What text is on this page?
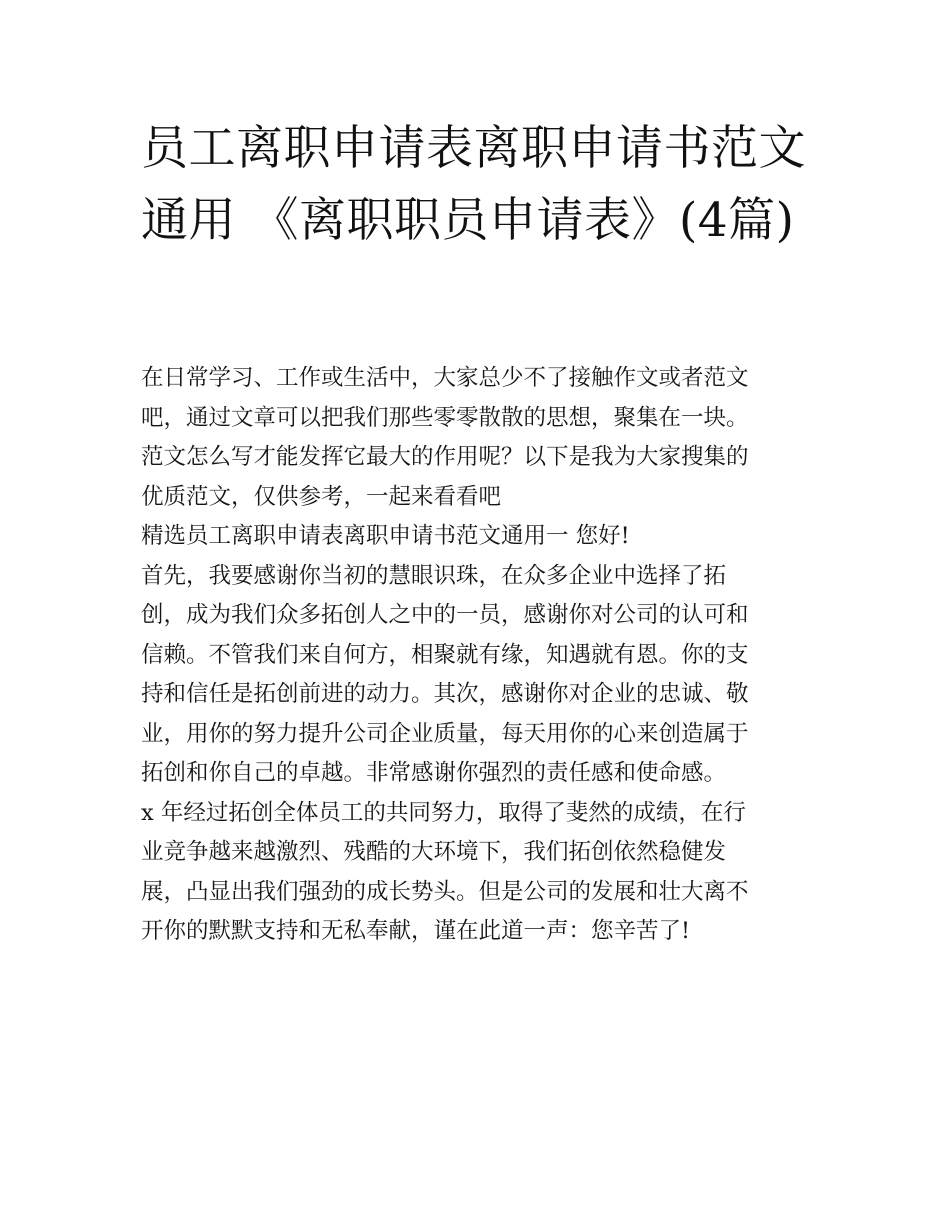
员工离职申请表离职申请书范文通用 《离职职员申请表》(4篇)

在日常学习、工作或生活中，大家总少不了接触作文或者范文
吧，通过文章可以把我们那些零零散散的思想，聚集在一块。
范文怎么写才能发挥它最大的作用呢？以下是我为大家搜集的
优质范文，仅供参考，一起来看看吧

精选员工离职申请表离职申请书范文通用一 您好!

首先，我要感谢你当初的慧眼识珠，在众多企业中选择了拓
创，成为我们众多拓创人之中的一员，感谢你对公司的认可和
信赖。不管我们来自何方，相聚就有缘，知遇就有恩。你的支
持和信任是拓创前进的动力。其次，感谢你对企业的忠诚、敬
业，用你的努力提升公司企业质量，每天用你的心来创造属于
拓创和你自己的卓越。非常感谢你强烈的责任感和使命感。

x 年经过拓创全体员工的共同努力，取得了斐然的成绩，在行
业竞争越来越激烈、残酷的大环境下，我们拓创依然稳健发
展，凸显出我们强劲的成长势头。但是公司的发展和壮大离不
开你的默默支持和无私奉献，谨在此道一声：您辛苦了!
